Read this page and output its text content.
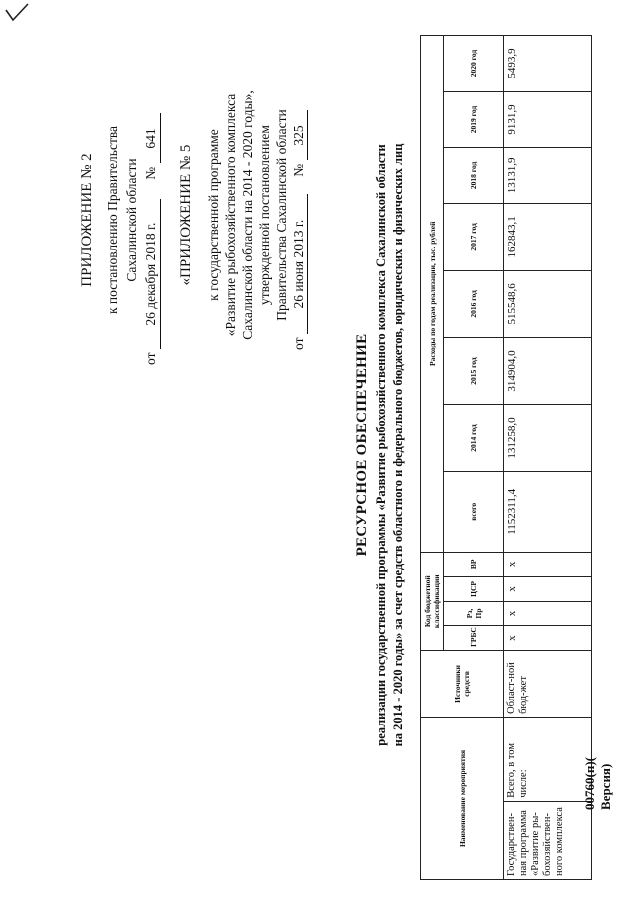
ПРИЛОЖЕНИЕ № 2 к постановлению Правительства Сахалинской области
от 26 декабря 2018 г. № 641
«ПРИЛОЖЕНИЕ № 5 к государственной программе «Развитие рыбохозяйственного комплекса Сахалинской области на 2014 - 2020 годы», утвержденной постановлением Правительства Сахалинской области
от 26 июня 2013 г. № 325
РЕСУРСНОЕ ОБЕСПЕЧЕНИЕ реализации государственной программы «Развитие рыбохозяйственного комплекса Сахалинской области на 2014 - 2020 годы» за счет средств областного и федерального бюджетов, юридических и физических лиц
Наименование мероприятия		Источники средств	Код бюджетной классификации				Расходы по годам реализации, тыс. рублей							
			ГРБС	Рз, Пр	ЦСР	ВР	всего	2014 год	2015 год	2016 год	2017 год	2018 год	2019 год	2020 год
Государствен-ная программа «Развитие ры-бохозяйствен-ного комплекса	Всего, в том числе:	Област-ной бюд-жет	х	х	х	х	1152311,4	131258,0	314904,0	515548,6	162843,1	13131,9	9131,9	5493,9
00760(п)( Версия)
